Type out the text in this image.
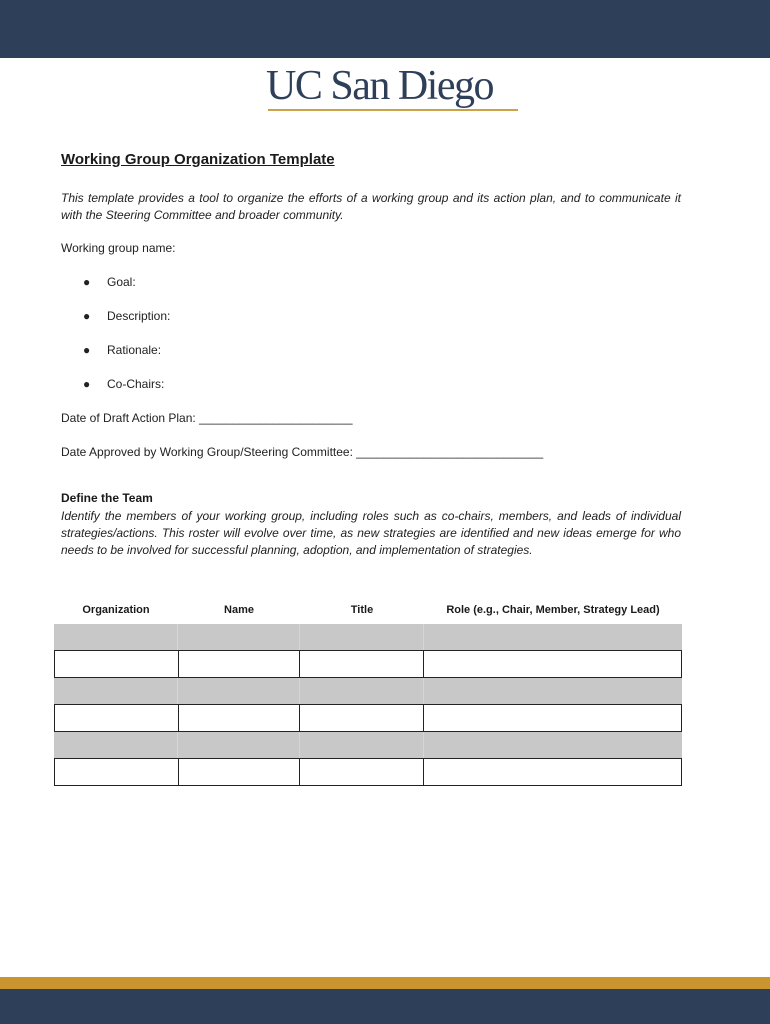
UC San Diego
Working Group Organization Template

This template provides a tool to organize the efforts of a working group and its action plan, and to communicate it with the Steering Committee and broader community.

Working group name:
● Goal:
● Description:
● Rationale:
● Co-Chairs:
Date of Draft Action Plan: _______________________
Date Approved by Working Group/Steering Committee: ____________________________
Define the Team

Identify the members of your working group, including roles such as co-chairs, members, and leads of individual strategies/actions. This roster will evolve over time, as new strategies are identified and new ideas emerge for who needs to be involved for successful planning, adoption, and implementation of strategies.

Organization	Name	Title	Role (e.g., Chair, Member, Strategy Lead)
